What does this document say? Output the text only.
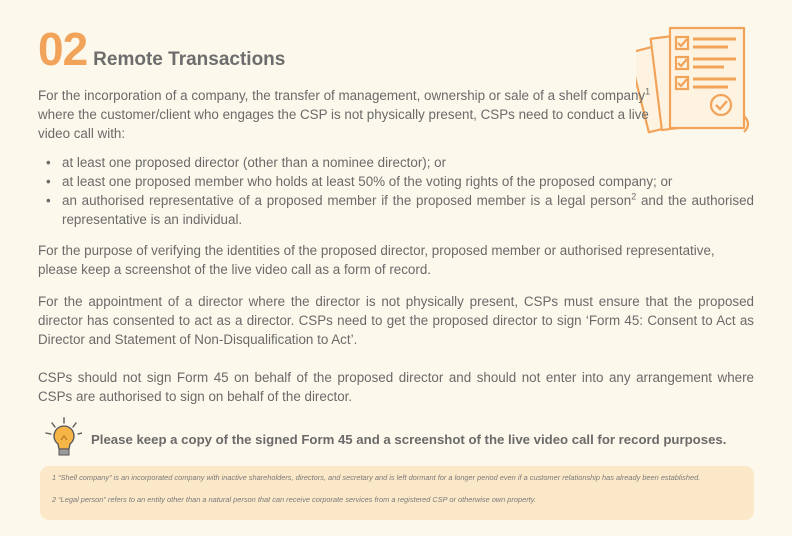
02 Remote Transactions

For the incorporation of a company, the transfer of management, ownership or sale of a shelf company$^1$ where the customer/client who engages the CSP is not physically present, CSPs need to conduct a live video call with:

• at least one proposed director (other than a nominee director); or
• at least one proposed member who holds at least 50% of the voting rights of the proposed company; or
• an authorised representative of a proposed member if the proposed member is a legal person$^2$ and the authorised representative is an individual.

For the purpose of verifying the identities of the proposed director, proposed member or authorised representative, please keep a screenshot of the live video call as a form of record.

For the appointment of a director where the director is not physically present, CSPs must ensure that the proposed director has consented to act as a director. CSPs need to get the proposed director to sign ‘Form 45: Consent to Act as Director and Statement of Non-Disqualification to Act’.

CSPs should not sign Form 45 on behalf of the proposed director and should not enter into any arrangement where CSPs are authorised to sign on behalf of the director.

Please keep a copy of the signed Form 45 and a screenshot of the live video call for record purposes.

1 “Shell company” is an incorporated company with inactive shareholders, directors, and secretary and is left dormant for a longer period even if a customer relationship has already been established.

2 “Legal person” refers to an entity other than a natural person that can receive corporate services from a registered CSP or otherwise own property.
